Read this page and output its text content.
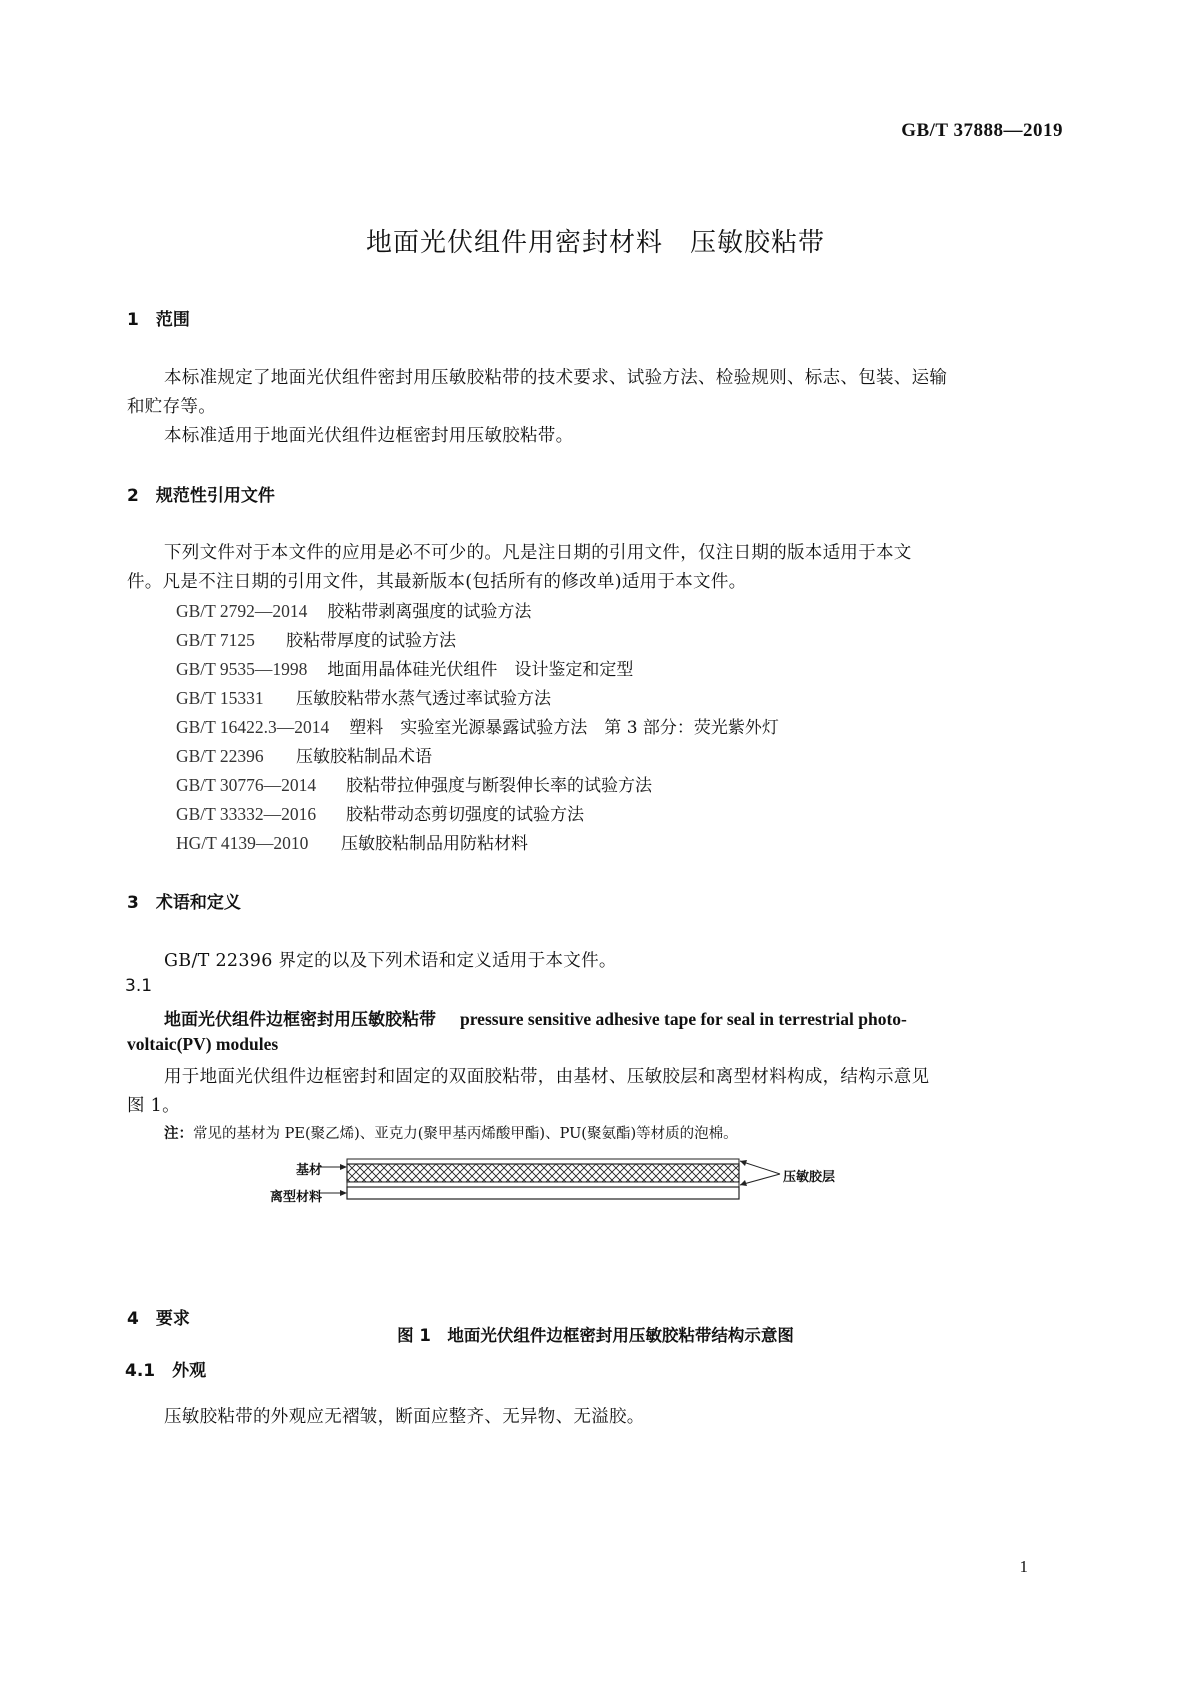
GB/T 37888—2019
地面光伏组件用密封材料　压敏胶粘带
1　范围
本标准规定了地面光伏组件密封用压敏胶粘带的技术要求、试验方法、检验规则、标志、包装、运输
和贮存等。
本标准适用于地面光伏组件边框密封用压敏胶粘带。
2　规范性引用文件
下列文件对于本文件的应用是必不可少的。凡是注日期的引用文件，仅注日期的版本适用于本文
件。凡是不注日期的引用文件，其最新版本(包括所有的修改单)适用于本文件。
GB/T 2792—2014 胶粘带剥离强度的试验方法
GB/T 7125 胶粘带厚度的试验方法
GB/T 9535—1998 地面用晶体硅光伏组件　设计鉴定和定型
GB/T 15331 压敏胶粘带水蒸气透过率试验方法
GB/T 16422.3—2014 塑料　实验室光源暴露试验方法　第 3 部分：荧光紫外灯
GB/T 22396 压敏胶粘制品术语
GB/T 30776—2014 胶粘带拉伸强度与断裂伸长率的试验方法
GB/T 33332—2016 胶粘带动态剪切强度的试验方法
HG/T 4139—2010 压敏胶粘制品用防粘材料
3　术语和定义
GB/T 22396 界定的以及下列术语和定义适用于本文件。
3.1
地面光伏组件边框密封用压敏胶粘带 pressure sensitive adhesive tape for seal in terrestrial photo-
voltaic(PV) modules
用于地面光伏组件边框密封和固定的双面胶粘带，由基材、压敏胶层和离型材料构成，结构示意见
图 1。
注：常见的基材为 PE(聚乙烯)、亚克力(聚甲基丙烯酸甲酯)、PU(聚氨酯)等材质的泡棉。
基材
离型材料
压敏胶层
图 1　地面光伏组件边框密封用压敏胶粘带结构示意图
4　要求
4.1　外观
压敏胶粘带的外观应无褶皱，断面应整齐、无异物、无溢胶。
1
